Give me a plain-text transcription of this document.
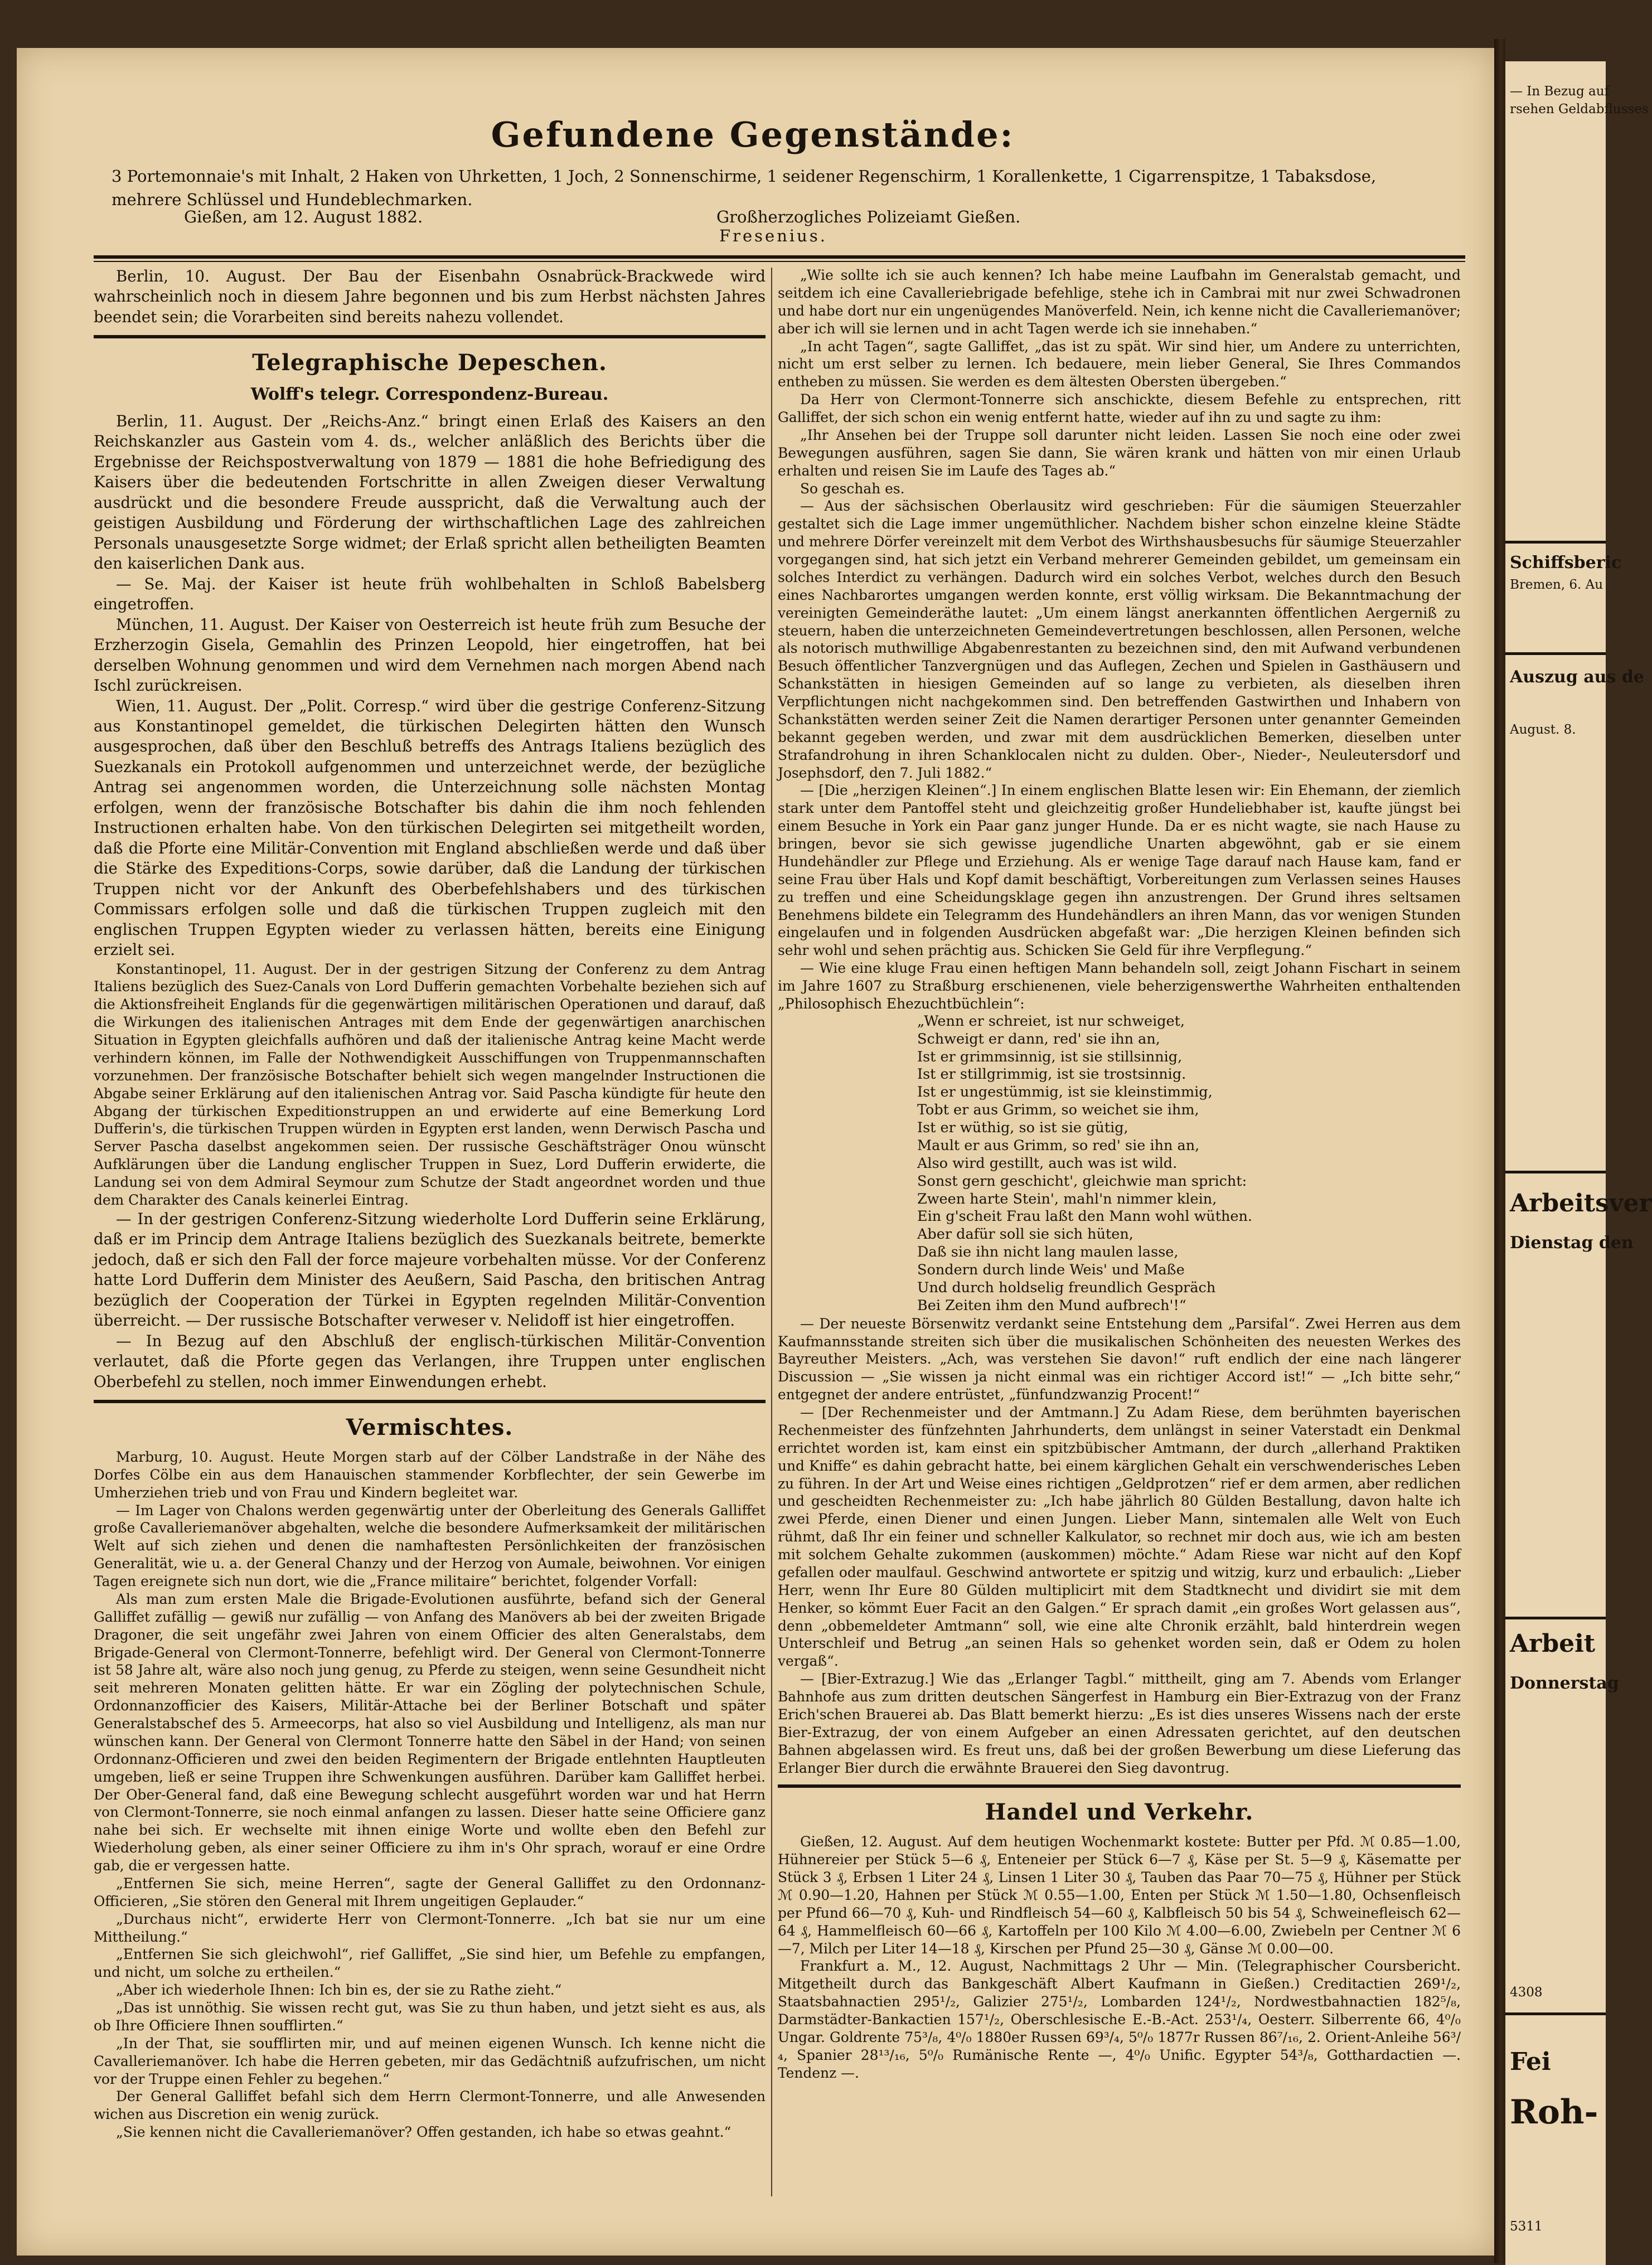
— In Bezug auf
rsehen Geldabflusses
Schiffsberic
Bremen, 6. Au
Auszug aus de
August. 8.
Arbeitsver
Dienstag den
Arbeit
Donnerstag
4308
Fei
Roh-
5311
Gefundene Gegenstände:
3 Portemonnaie's mit Inhalt, 2 Haken von Uhrketten, 1 Joch, 2 Sonnenschirme, 1 seidener Regenschirm, 1 Korallenkette, 1 Cigarrenspitze, 1 Tabaksdose, mehrere Schlüssel und Hundeblechmarken.
Gießen, am 12. August 1882.	Großherzogliches Polizeiamt Gießen.
Fresenius.

Berlin, 10. August. Der Bau der Eisenbahn Osnabrück-Brackwede wird wahrscheinlich noch in diesem Jahre begonnen und bis zum Herbst nächsten Jahres beendet sein; die Vorarbeiten sind bereits nahezu vollendet.

Telegraphische Depeschen.
Wolff's telegr. Correspondenz-Bureau.

Berlin, 11. August. Der „Reichs-Anz.“ bringt einen Erlaß des Kaisers an den Reichskanzler aus Gastein vom 4. ds., welcher anläßlich des Berichts über die Ergebnisse der Reichspostverwaltung von 1879 — 1881 die hohe Befriedigung des Kaisers über die bedeutenden Fortschritte in allen Zweigen dieser Verwaltung ausdrückt und die besondere Freude ausspricht, daß die Verwaltung auch der geistigen Ausbildung und Förderung der wirthschaftlichen Lage des zahlreichen Personals unausgesetzte Sorge widmet; der Erlaß spricht allen betheiligten Beamten den kaiserlichen Dank aus.

— Se. Maj. der Kaiser ist heute früh wohlbehalten in Schloß Babelsberg eingetroffen.

München, 11. August. Der Kaiser von Oesterreich ist heute früh zum Besuche der Erzherzogin Gisela, Gemahlin des Prinzen Leopold, hier eingetroffen, hat bei derselben Wohnung genommen und wird dem Vernehmen nach morgen Abend nach Ischl zurückreisen.

Wien, 11. August. Der „Polit. Corresp.“ wird über die gestrige Conferenz-Sitzung aus Konstantinopel gemeldet, die türkischen Delegirten hätten den Wunsch ausgesprochen, daß über den Beschluß betreffs des Antrags Italiens bezüglich des Suezkanals ein Protokoll aufgenommen und unterzeichnet werde, der bezügliche Antrag sei angenommen worden, die Unterzeichnung solle nächsten Montag erfolgen, wenn der französische Botschafter bis dahin die ihm noch fehlenden Instructionen erhalten habe. Von den türkischen Delegirten sei mitgetheilt worden, daß die Pforte eine Militär-Convention mit England abschließen werde und daß über die Stärke des Expeditions-Corps, sowie darüber, daß die Landung der türkischen Truppen nicht vor der Ankunft des Oberbefehlshabers und des türkischen Commissars erfolgen solle und daß die türkischen Truppen zugleich mit den englischen Truppen Egypten wieder zu verlassen hätten, bereits eine Einigung erzielt sei.

Konstantinopel, 11. August. Der in der gestrigen Sitzung der Conferenz zu dem Antrag Italiens bezüglich des Suez-Canals von Lord Dufferin gemachten Vorbehalte beziehen sich auf die Aktionsfreiheit Englands für die gegenwärtigen militärischen Operationen und darauf, daß die Wirkungen des italienischen Antrages mit dem Ende der gegenwärtigen anarchischen Situation in Egypten gleichfalls aufhören und daß der italienische Antrag keine Macht werde verhindern können, im Falle der Nothwendigkeit Ausschiffungen von Truppenmannschaften vorzunehmen. Der französische Botschafter behielt sich wegen mangelnder Instructionen die Abgabe seiner Erklärung auf den italienischen Antrag vor. Said Pascha kündigte für heute den Abgang der türkischen Expeditionstruppen an und erwiderte auf eine Bemerkung Lord Dufferin's, die türkischen Truppen würden in Egypten erst landen, wenn Derwisch Pascha und Server Pascha daselbst angekommen seien. Der russische Geschäftsträger Onou wünscht Aufklärungen über die Landung englischer Truppen in Suez, Lord Dufferin erwiderte, die Landung sei von dem Admiral Seymour zum Schutze der Stadt angeordnet worden und thue dem Charakter des Canals keinerlei Eintrag.

— In der gestrigen Conferenz-Sitzung wiederholte Lord Dufferin seine Erklärung, daß er im Princip dem Antrage Italiens bezüglich des Suezkanals beitrete, bemerkte jedoch, daß er sich den Fall der force majeure vorbehalten müsse. Vor der Conferenz hatte Lord Dufferin dem Minister des Aeußern, Said Pascha, den britischen Antrag bezüglich der Cooperation der Türkei in Egypten regelnden Militär-Convention überreicht. — Der russische Botschafter verweser v. Nelidoff ist hier eingetroffen.

— In Bezug auf den Abschluß der englisch-türkischen Militär-Convention verlautet, daß die Pforte gegen das Verlangen, ihre Truppen unter englischen Oberbefehl zu stellen, noch immer Einwendungen erhebt.

Vermischtes.

Marburg, 10. August. Heute Morgen starb auf der Cölber Landstraße in der Nähe des Dorfes Cölbe ein aus dem Hanauischen stammender Korbflechter, der sein Gewerbe im Umherziehen trieb und von Frau und Kindern begleitet war.

— Im Lager von Chalons werden gegenwärtig unter der Oberleitung des Generals Galliffet große Cavalleriemanöver abgehalten, welche die besondere Aufmerksamkeit der militärischen Welt auf sich ziehen und denen die namhaftesten Persönlichkeiten der französischen Generalität, wie u. a. der General Chanzy und der Herzog von Aumale, beiwohnen. Vor einigen Tagen ereignete sich nun dort, wie die „France militaire“ berichtet, folgender Vorfall:

Als man zum ersten Male die Brigade-Evolutionen ausführte, befand sich der General Galliffet zufällig — gewiß nur zufällig — von Anfang des Manövers ab bei der zweiten Brigade Dragoner, die seit ungefähr zwei Jahren von einem Officier des alten Generalstabs, dem Brigade-General von Clermont-Tonnerre, befehligt wird. Der General von Clermont-Tonnerre ist 58 Jahre alt, wäre also noch jung genug, zu Pferde zu steigen, wenn seine Gesundheit nicht seit mehreren Monaten gelitten hätte. Er war ein Zögling der polytechnischen Schule, Ordonnanzofficier des Kaisers, Militär-Attache bei der Berliner Botschaft und später Generalstabschef des 5. Armeecorps, hat also so viel Ausbildung und Intelligenz, als man nur wünschen kann. Der General von Clermont Tonnerre hatte den Säbel in der Hand; von seinen Ordonnanz-Officieren und zwei den beiden Regimentern der Brigade entlehnten Hauptleuten umgeben, ließ er seine Truppen ihre Schwenkungen ausführen. Darüber kam Galliffet herbei. Der Ober-General fand, daß eine Bewegung schlecht ausgeführt worden war und hat Herrn von Clermont-Tonnerre, sie noch einmal anfangen zu lassen. Dieser hatte seine Officiere ganz nahe bei sich. Er wechselte mit ihnen einige Worte und wollte eben den Befehl zur Wiederholung geben, als einer seiner Officiere zu ihm in's Ohr sprach, worauf er eine Ordre gab, die er vergessen hatte.

„Entfernen Sie sich, meine Herren“, sagte der General Galliffet zu den Ordonnanz-Officieren, „Sie stören den General mit Ihrem ungeitigen Geplauder.“

„Durchaus nicht“, erwiderte Herr von Clermont-Tonnerre. „Ich bat sie nur um eine Mittheilung.“

„Entfernen Sie sich gleichwohl“, rief Galliffet, „Sie sind hier, um Befehle zu empfangen, und nicht, um solche zu ertheilen.“

„Aber ich wiederhole Ihnen: Ich bin es, der sie zu Rathe zieht.“

„Das ist unnöthig. Sie wissen recht gut, was Sie zu thun haben, und jetzt sieht es aus, als ob Ihre Officiere Ihnen soufflirten.“

„In der That, sie soufflirten mir, und auf meinen eigenen Wunsch. Ich kenne nicht die Cavalleriemanöver. Ich habe die Herren gebeten, mir das Gedächtniß aufzufrischen, um nicht vor der Truppe einen Fehler zu begehen.“

Der General Galliffet befahl sich dem Herrn Clermont-Tonnerre, und alle Anwesenden wichen aus Discretion ein wenig zurück.

„Sie kennen nicht die Cavalleriemanöver? Offen gestanden, ich habe so etwas geahnt.“

„Wie sollte ich sie auch kennen? Ich habe meine Laufbahn im Generalstab gemacht, und seitdem ich eine Cavalleriebrigade befehlige, stehe ich in Cambrai mit nur zwei Schwadronen und habe dort nur ein ungenügendes Manöverfeld. Nein, ich kenne nicht die Cavalleriemanöver; aber ich will sie lernen und in acht Tagen werde ich sie innehaben.“

„In acht Tagen“, sagte Galliffet, „das ist zu spät. Wir sind hier, um Andere zu unterrichten, nicht um erst selber zu lernen. Ich bedauere, mein lieber General, Sie Ihres Commandos entheben zu müssen. Sie werden es dem ältesten Obersten übergeben.“

Da Herr von Clermont-Tonnerre sich anschickte, diesem Befehle zu entsprechen, ritt Galliffet, der sich schon ein wenig entfernt hatte, wieder auf ihn zu und sagte zu ihm:

„Ihr Ansehen bei der Truppe soll darunter nicht leiden. Lassen Sie noch eine oder zwei Bewegungen ausführen, sagen Sie dann, Sie wären krank und hätten von mir einen Urlaub erhalten und reisen Sie im Laufe des Tages ab.“

So geschah es.

— Aus der sächsischen Oberlausitz wird geschrieben: Für die säumigen Steuerzahler gestaltet sich die Lage immer ungemüthlicher. Nachdem bisher schon einzelne kleine Städte und mehrere Dörfer vereinzelt mit dem Verbot des Wirthshausbesuchs für säumige Steuerzahler vorgegangen sind, hat sich jetzt ein Verband mehrerer Gemeinden gebildet, um gemeinsam ein solches Interdict zu verhängen. Dadurch wird ein solches Verbot, welches durch den Besuch eines Nachbarortes umgangen werden konnte, erst völlig wirksam. Die Bekanntmachung der vereinigten Gemeinderäthe lautet: „Um einem längst anerkannten öffentlichen Aergerniß zu steuern, haben die unterzeichneten Gemeindevertretungen beschlossen, allen Personen, welche als notorisch muthwillige Abgabenrestanten zu bezeichnen sind, den mit Aufwand verbundenen Besuch öffentlicher Tanzvergnügen und das Auflegen, Zechen und Spielen in Gasthäusern und Schankstätten in hiesigen Gemeinden auf so lange zu verbieten, als dieselben ihren Verpflichtungen nicht nachgekommen sind. Den betreffenden Gastwirthen und Inhabern von Schankstätten werden seiner Zeit die Namen derartiger Personen unter genannter Gemeinden bekannt gegeben werden, und zwar mit dem ausdrücklichen Bemerken, dieselben unter Strafandrohung in ihren Schanklocalen nicht zu dulden. Ober-, Nieder-, Neuleutersdorf und Josephsdorf, den 7. Juli 1882.“

— [Die „herzigen Kleinen“.] In einem englischen Blatte lesen wir: Ein Ehemann, der ziemlich stark unter dem Pantoffel steht und gleichzeitig großer Hundeliebhaber ist, kaufte jüngst bei einem Besuche in York ein Paar ganz junger Hunde. Da er es nicht wagte, sie nach Hause zu bringen, bevor sie sich gewisse jugendliche Unarten abgewöhnt, gab er sie einem Hundehändler zur Pflege und Erziehung. Als er wenige Tage darauf nach Hause kam, fand er seine Frau über Hals und Kopf damit beschäftigt, Vorbereitungen zum Verlassen seines Hauses zu treffen und eine Scheidungsklage gegen ihn anzustrengen. Der Grund ihres seltsamen Benehmens bildete ein Telegramm des Hundehändlers an ihren Mann, das vor wenigen Stunden eingelaufen und in folgenden Ausdrücken abgefaßt war: „Die herzigen Kleinen befinden sich sehr wohl und sehen prächtig aus. Schicken Sie Geld für ihre Verpflegung.“

— Wie eine kluge Frau einen heftigen Mann behandeln soll, zeigt Johann Fischart in seinem im Jahre 1607 zu Straßburg erschienenen, viele beherzigenswerthe Wahrheiten enthaltenden „Philosophisch Ehezuchtbüchlein“:

„Wenn er schreiet, ist nur schweiget,

Schweigt er dann, red' sie ihn an,

Ist er grimmsinnig, ist sie stillsinnig,

Ist er stillgrimmig, ist sie trostsinnig.

Ist er ungestümmig, ist sie kleinstimmig,

Tobt er aus Grimm, so weichet sie ihm,

Ist er wüthig, so ist sie gütig,

Mault er aus Grimm, so red' sie ihn an,

Also wird gestillt, auch was ist wild.

Sonst gern geschicht', gleichwie man spricht:

Zween harte Stein', mahl'n nimmer klein,

Ein g'scheit Frau laßt den Mann wohl wüthen.

Aber dafür soll sie sich hüten,

Daß sie ihn nicht lang maulen lasse,

Sondern durch linde Weis' und Maße

Und durch holdselig freundlich Gespräch

Bei Zeiten ihm den Mund aufbrech'!“

— Der neueste Börsenwitz verdankt seine Entstehung dem „Parsifal“. Zwei Herren aus dem Kaufmannsstande streiten sich über die musikalischen Schönheiten des neuesten Werkes des Bayreuther Meisters. „Ach, was verstehen Sie davon!“ ruft endlich der eine nach längerer Discussion — „Sie wissen ja nicht einmal was ein richtiger Accord ist!“ — „Ich bitte sehr,“ entgegnet der andere entrüstet, „fünfundzwanzig Procent!“

— [Der Rechenmeister und der Amtmann.] Zu Adam Riese, dem berühmten bayerischen Rechenmeister des fünfzehnten Jahrhunderts, dem unlängst in seiner Vaterstadt ein Denkmal errichtet worden ist, kam einst ein spitzbübischer Amtmann, der durch „allerhand Praktiken und Kniffe“ es dahin gebracht hatte, bei einem kärglichen Gehalt ein verschwenderisches Leben zu führen. In der Art und Weise eines richtigen „Geldprotzen“ rief er dem armen, aber redlichen und gescheidten Rechenmeister zu: „Ich habe jährlich 80 Gülden Bestallung, davon halte ich zwei Pferde, einen Diener und einen Jungen. Lieber Mann, sintemalen alle Welt von Euch rühmt, daß Ihr ein feiner und schneller Kalkulator, so rechnet mir doch aus, wie ich am besten mit solchem Gehalte zukommen (auskommen) möchte.“ Adam Riese war nicht auf den Kopf gefallen oder maulfaul. Geschwind antwortete er spitzig und witzig, kurz und erbaulich: „Lieber Herr, wenn Ihr Eure 80 Gülden multiplicirt mit dem Stadtknecht und dividirt sie mit dem Henker, so kömmt Euer Facit an den Galgen.“ Er sprach damit „ein großes Wort gelassen aus“, denn „obbemeldeter Amtmann“ soll, wie eine alte Chronik erzählt, bald hinterdrein wegen Unterschleif und Betrug „an seinen Hals so gehenket worden sein, daß er Odem zu holen vergaß“.

— [Bier-Extrazug.] Wie das „Erlanger Tagbl.“ mittheilt, ging am 7. Abends vom Erlanger Bahnhofe aus zum dritten deutschen Sängerfest in Hamburg ein Bier-Extrazug von der Franz Erich'schen Brauerei ab. Das Blatt bemerkt hierzu: „Es ist dies unseres Wissens nach der erste Bier-Extrazug, der von einem Aufgeber an einen Adressaten gerichtet, auf den deutschen Bahnen abgelassen wird. Es freut uns, daß bei der großen Bewerbung um diese Lieferung das Erlanger Bier durch die erwähnte Brauerei den Sieg davontrug.

Handel und Verkehr.

Gießen, 12. August. Auf dem heutigen Wochenmarkt kostete: Butter per Pfd. ℳ 0.85—1.00, Hühnereier per Stück 5—6 ₰, Enteneier per Stück 6—7 ₰, Käse per St. 5—9 ₰, Käsematte per Stück 3 ₰, Erbsen 1 Liter 24 ₰, Linsen 1 Liter 30 ₰, Tauben das Paar 70—75 ₰, Hühner per Stück ℳ 0.90—1.20, Hahnen per Stück ℳ 0.55—1.00, Enten per Stück ℳ 1.50—1.80, Ochsenfleisch per Pfund 66—70 ₰, Kuh- und Rindfleisch 54—60 ₰, Kalbfleisch 50 bis 54 ₰, Schweinefleisch 62—64 ₰, Hammelfleisch 60—66 ₰, Kartoffeln per 100 Kilo ℳ 4.00—6.00, Zwiebeln per Centner ℳ 6—7, Milch per Liter 14—18 ₰, Kirschen per Pfund 25—30 ₰, Gänse ℳ 0.00—00.

Frankfurt a. M., 12. August, Nachmittags 2 Uhr — Min. (Telegraphischer Coursbericht. Mitgetheilt durch das Bankgeschäft Albert Kaufmann in Gießen.) Creditactien 269¹/₂, Staatsbahnactien 295¹/₂, Galizier 275¹/₂, Lombarden 124¹/₂, Nordwestbahnactien 182⁵/₈, Darmstädter-Bankactien 157¹/₂, Oberschlesische E.-B.-Act. 253¹/₄, Oesterr. Silberrente 66, 4⁰/₀ Ungar. Goldrente 75³/₈, 4⁰/₀ 1880er Russen 69³/₄, 5⁰/₀ 1877r Russen 86⁷/₁₆, 2. Orient-Anleihe 56³/₄, Spanier 28¹³/₁₆, 5⁰/₀ Rumänische Rente —, 4⁰/₀ Unific. Egypter 54³/₈, Gotthardactien —. Tendenz —.
